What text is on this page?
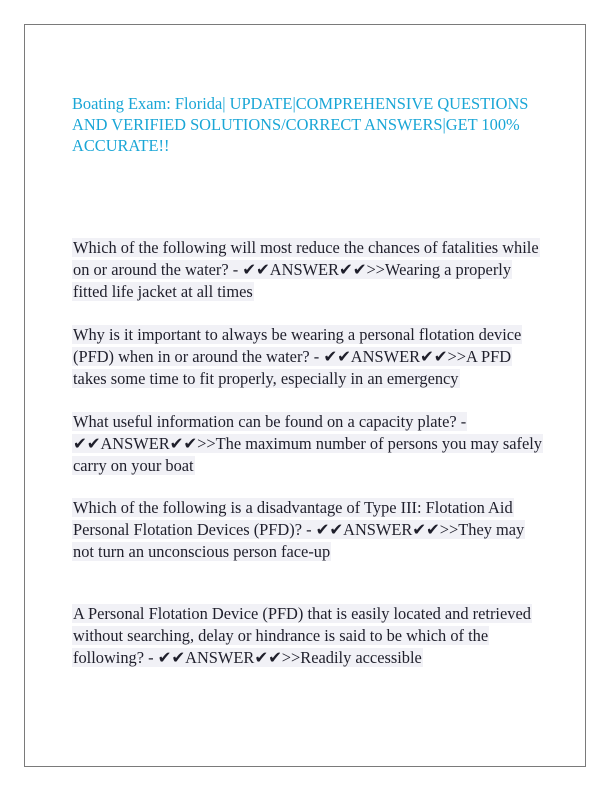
Boating Exam: Florida| UPDATE|COMPREHENSIVE QUESTIONS AND VERIFIED SOLUTIONS/CORRECT ANSWERS|GET 100% ACCURATE!!
Which of the following will most reduce the chances of fatalities while on or around the water? - ✔✔ANSWER✔✔>>Wearing a properly fitted life jacket at all times
Why is it important to always be wearing a personal flotation device (PFD) when in or around the water? - ✔✔ANSWER✔✔>>A PFD takes some time to fit properly, especially in an emergency
What useful information can be found on a capacity plate? - ✔✔ANSWER✔✔>>The maximum number of persons you may safely carry on your boat
Which of the following is a disadvantage of Type III: Flotation Aid Personal Flotation Devices (PFD)? - ✔✔ANSWER✔✔>>They may not turn an unconscious person face-up
A Personal Flotation Device (PFD) that is easily located and retrieved without searching, delay or hindrance is said to be which of the following? - ✔✔ANSWER✔✔>>Readily accessible
